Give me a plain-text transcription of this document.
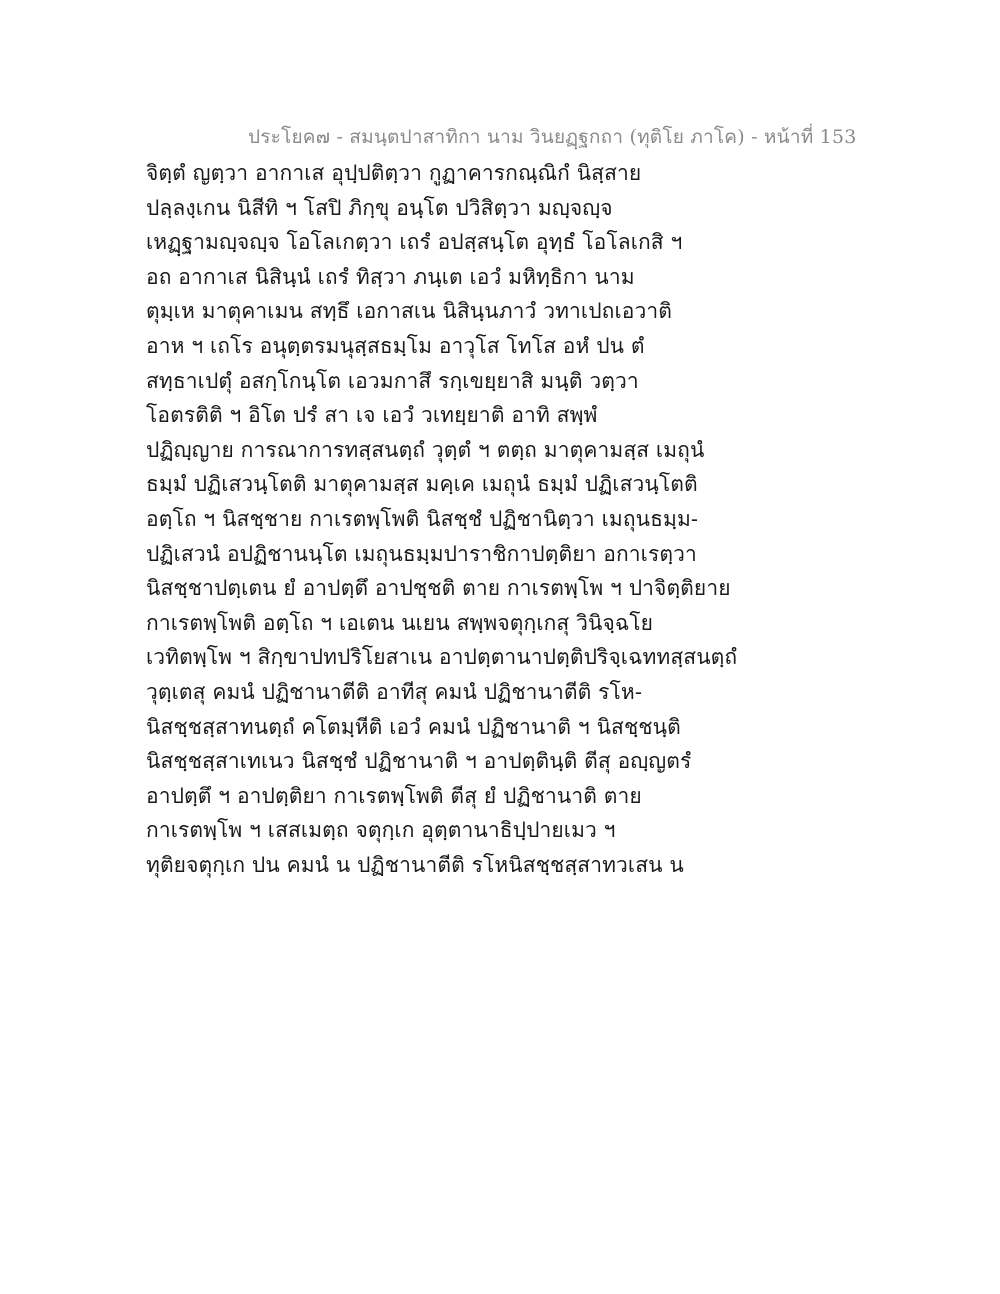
ประโยค๗ - สมนฺตปาสาทิกา นาม วินยฏฺฐกถา (ทุติโย ภาโค) - หน้าที่ 153
จิตฺตํ ญตฺวา อากาเส อุปฺปติตฺวา กูฏาคารกณฺณิกํ นิสฺสาย
ปลฺลงฺเกน นิสีทิ ฯ โสปิ ภิกฺขุ อนฺโต ปวิสิตฺวา มญฺจญฺจ
เหฏฺฐามญฺจญฺจ โอโลเกตฺวา เถรํ อปสฺสนฺโต อุทฺธํ โอโลเกสิ ฯ
อถ อากาเส นิสินฺนํ เถรํ ทิสฺวา ภนฺเต เอวํ มหิทฺธิกา นาม
ตุมฺเห มาตุคาเมน สทฺธึ เอกาสเน นิสินฺนภาวํ วทาเปถเอวาติ
อาห ฯ เถโร อนุตฺตรมนุสฺสธมฺโม อาวุโส โทโส อหํ ปน ตํ
สทฺธาเปตุํ อสกฺโกนฺโต เอวมกาสึ รกฺเขยฺยาสิ มนฺติ วตฺวา
โอตรติติ ฯ อิโต ปรํ สา เจ เอวํ วเทยฺยาติ อาทิ สพฺพํ
ปฏิญฺญาย การณาการทสฺสนตฺถํ วุตฺตํ ฯ ตตฺถ มาตุคามสฺส เมถุนํ
ธมฺมํ ปฏิเสวนฺโตติ มาตุคามสฺส มคฺเค เมถุนํ ธมฺมํ ปฏิเสวนฺโตติ
อตฺโถ ฯ นิสชฺชาย กาเรตพฺโพติ นิสชฺชํ ปฏิชานิตฺวา เมถุนธมฺม-
ปฏิเสวนํ อปฏิชานนฺโต เมถุนธมฺมปาราชิกาปตฺติยา อกาเรตฺวา
นิสชฺชาปตฺเตน ยํ อาปตฺตึ อาปชฺชติ ตาย กาเรตพฺโพ ฯ ปาจิตฺติยาย
กาเรตพฺโพติ อตฺโถ ฯ เอเตน นเยน สพฺพจตุกฺเกสุ วินิจฺฉโย
เวทิตพฺโพ ฯ สิกฺขาปทปริโยสาเน อาปตฺตานาปตฺติปริจฺเฉททสฺสนตฺถํ
วุตฺเตสุ คมนํ ปฏิชานาตีติ อาทีสุ คมนํ ปฏิชานาตีติ รโห-
นิสชฺชสฺสาทนตฺถํ คโตมฺหีติ เอวํ คมนํ ปฏิชานาติ ฯ นิสชฺชนฺติ
นิสชฺชสฺสาเทเนว นิสชฺชํ ปฏิชานาติ ฯ อาปตฺตินฺติ ตีสุ อญฺญตรํ
อาปตฺตึ ฯ อาปตฺติยา กาเรตพฺโพติ ตีสุ ยํ ปฏิชานาติ ตาย
กาเรตพฺโพ ฯ เสสเมตฺถ จตุกฺเก อุตฺตานาธิปฺปายเมว ฯ
ทุติยจตุกฺเก ปน คมนํ น ปฏิชานาตีติ รโหนิสชฺชสฺสาทวเสน น
